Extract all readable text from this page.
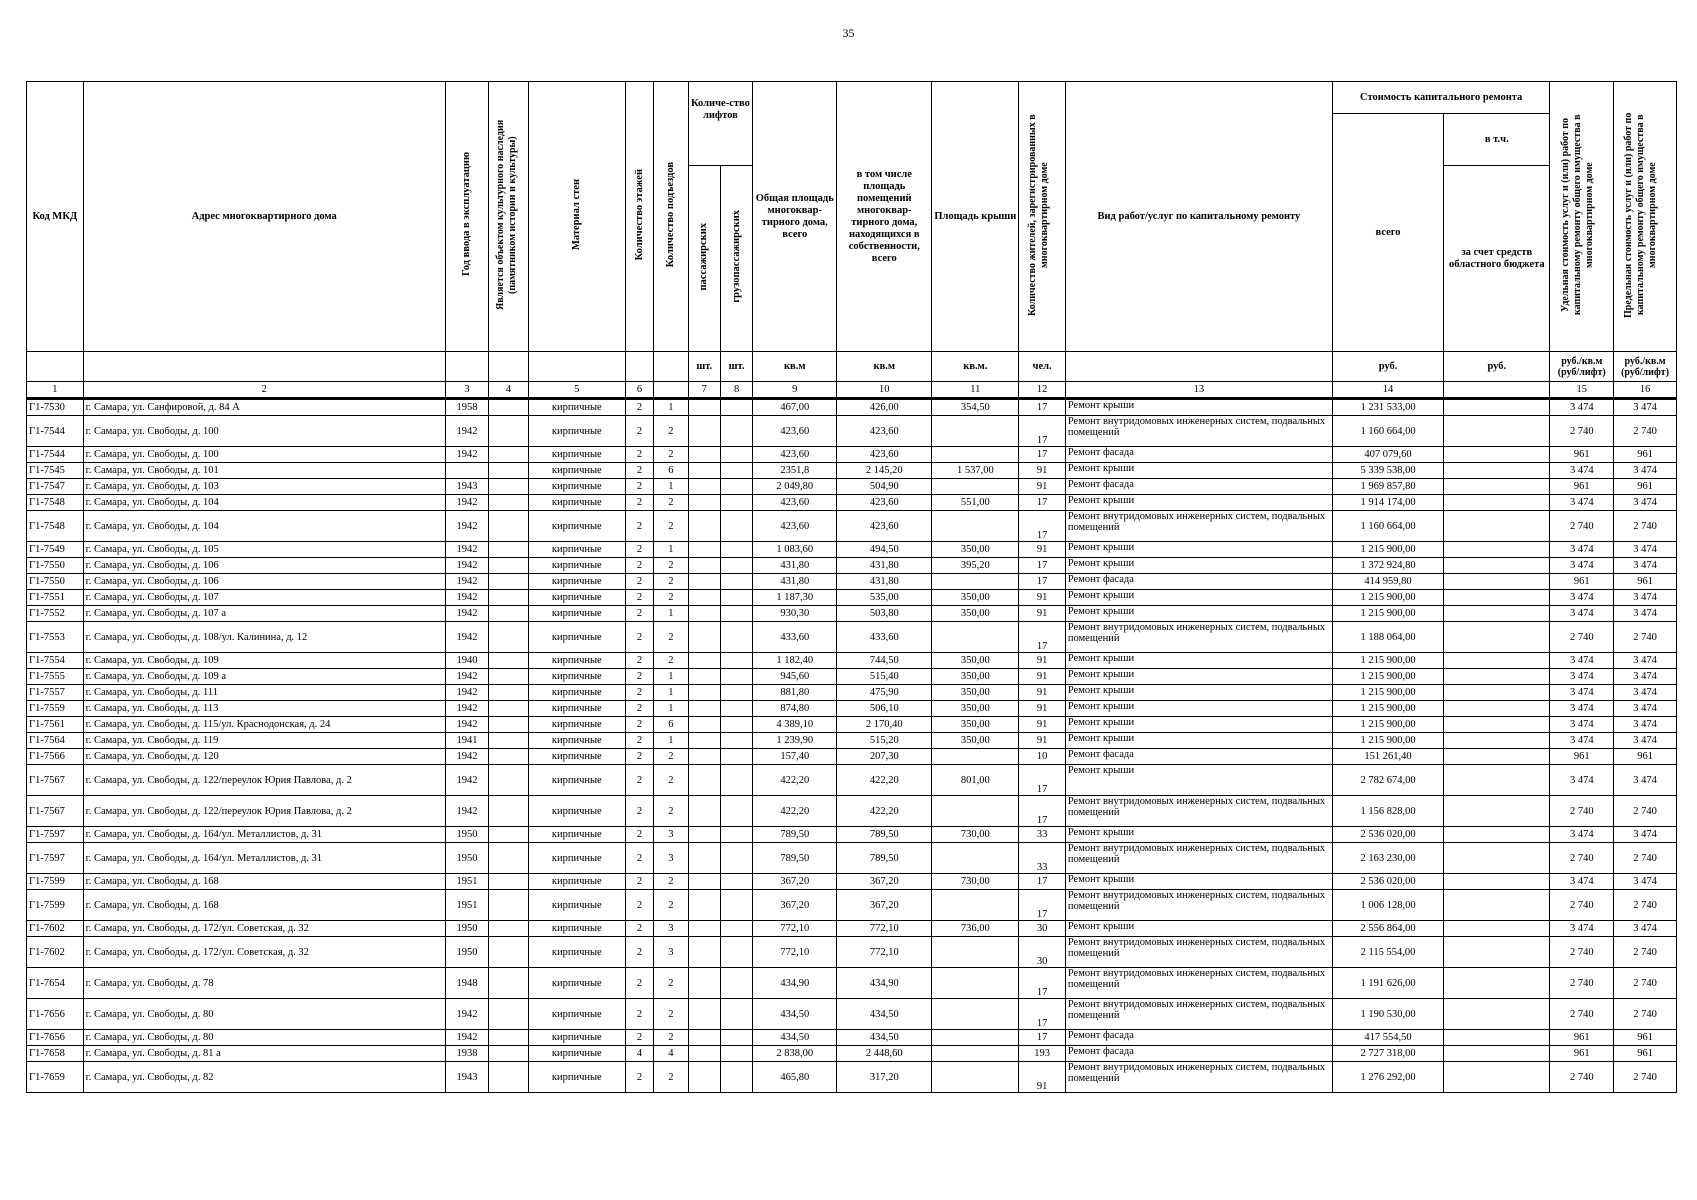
35
Код МКД	Адрес многоквартирного дома	Год ввода в эксплуатацию	Является объектом культурного наследия (памятником истории и культуры)	Материал стен	Количество этажей	Количество подъездов	Количе-ство лифтов		Общая площадь многоквар-тирного дома, всего	в том числе площадь помещений многоквар-тирного дома, находящихся в собственности, всего	Площадь крыши	Количество жителей, зарегистрированных в многоквартирном доме	Вид работ/услуг по капитальному ремонту	Стоимость капитального ремонта		Удельная стоимость услуг и (или) работ по капитальному ремонту общего имущества в многоквартирном доме	Предельная стоимость услуг и (или) работ по капитальному ремонту общего имущества в многоквартирном доме
														всего	в т.ч.		
							пассажирских	грузопассажирских							за счет средств областного бюджета		
							шт.	шт.	кв.м	кв.м	кв.м.	чел.		руб.	руб.	руб./кв.м (руб/лифт)	руб./кв.м (руб/лифт)
1	2	3	4	5	6		7	8	9	10	11	12	13	14		15	16
Г1-7530	г. Самара, ул. Санфировой, д. 84 А	1958		кирпичные	2	1			467,00	426,00	354,50	17	Ремонт крыши	1 231 533,00		3 474	3 474
Г1-7544	г. Самара, ул. Свободы, д. 100	1942		кирпичные	2	2			423,60	423,60		17	Ремонт внутридомовых инженерных систем, подвальных помещений	1 160 664,00		2 740	2 740
Г1-7544	г. Самара, ул. Свободы, д. 100	1942		кирпичные	2	2			423,60	423,60		17	Ремонт фасада	407 079,60		961	961
Г1-7545	г. Самара, ул. Свободы, д. 101			кирпичные	2	6			2351,8	2 145,20	1 537,00	91	Ремонт крыши	5 339 538,00		3 474	3 474
Г1-7547	г. Самара, ул. Свободы, д. 103	1943		кирпичные	2	1			2 049,80	504,90		91	Ремонт фасада	1 969 857,80		961	961
Г1-7548	г. Самара, ул. Свободы, д. 104	1942		кирпичные	2	2			423,60	423,60	551,00	17	Ремонт крыши	1 914 174,00		3 474	3 474
Г1-7548	г. Самара, ул. Свободы, д. 104	1942		кирпичные	2	2			423,60	423,60		17	Ремонт внутридомовых инженерных систем, подвальных помещений	1 160 664,00		2 740	2 740
Г1-7549	г. Самара, ул. Свободы, д. 105	1942		кирпичные	2	1			1 083,60	494,50	350,00	91	Ремонт крыши	1 215 900,00		3 474	3 474
Г1-7550	г. Самара, ул. Свободы, д. 106	1942		кирпичные	2	2			431,80	431,80	395,20	17	Ремонт крыши	1 372 924,80		3 474	3 474
Г1-7550	г. Самара, ул. Свободы, д. 106	1942		кирпичные	2	2			431,80	431,80		17	Ремонт фасада	414 959,80		961	961
Г1-7551	г. Самара, ул. Свободы, д. 107	1942		кирпичные	2	2			1 187,30	535,00	350,00	91	Ремонт крыши	1 215 900,00		3 474	3 474
Г1-7552	г. Самара, ул. Свободы, д. 107 а	1942		кирпичные	2	1			930,30	503,80	350,00	91	Ремонт крыши	1 215 900,00		3 474	3 474
Г1-7553	г. Самара, ул. Свободы, д. 108/ул. Калинина, д. 12	1942		кирпичные	2	2			433,60	433,60		17	Ремонт внутридомовых инженерных систем, подвальных помещений	1 188 064,00		2 740	2 740
Г1-7554	г. Самара, ул. Свободы, д. 109	1940		кирпичные	2	2			1 182,40	744,50	350,00	91	Ремонт крыши	1 215 900,00		3 474	3 474
Г1-7555	г. Самара, ул. Свободы, д. 109 а	1942		кирпичные	2	1			945,60	515,40	350,00	91	Ремонт крыши	1 215 900,00		3 474	3 474
Г1-7557	г. Самара, ул. Свободы, д. 111	1942		кирпичные	2	1			881,80	475,90	350,00	91	Ремонт крыши	1 215 900,00		3 474	3 474
Г1-7559	г. Самара, ул. Свободы, д. 113	1942		кирпичные	2	1			874,80	506,10	350,00	91	Ремонт крыши	1 215 900,00		3 474	3 474
Г1-7561	г. Самара, ул. Свободы, д. 115/ул. Краснодонская, д. 24	1942		кирпичные	2	6			4 389,10	2 170,40	350,00	91	Ремонт крыши	1 215 900,00		3 474	3 474
Г1-7564	г. Самара, ул. Свободы, д. 119	1941		кирпичные	2	1			1 239,90	515,20	350,00	91	Ремонт крыши	1 215 900,00		3 474	3 474
Г1-7566	г. Самара, ул. Свободы, д. 120	1942		кирпичные	2	2			157,40	207,30		10	Ремонт фасада	151 261,40		961	961
Г1-7567	г. Самара, ул. Свободы, д. 122/переулок Юрия Павлова, д. 2	1942		кирпичные	2	2			422,20	422,20	801,00	17	Ремонт крыши	2 782 674,00		3 474	3 474
Г1-7567	г. Самара, ул. Свободы, д. 122/переулок Юрия Павлова, д. 2	1942		кирпичные	2	2			422,20	422,20		17	Ремонт внутридомовых инженерных систем, подвальных помещений	1 156 828,00		2 740	2 740
Г1-7597	г. Самара, ул. Свободы, д. 164/ул. Металлистов, д. 31	1950		кирпичные	2	3			789,50	789,50	730,00	33	Ремонт крыши	2 536 020,00		3 474	3 474
Г1-7597	г. Самара, ул. Свободы, д. 164/ул. Металлистов, д. 31	1950		кирпичные	2	3			789,50	789,50		33	Ремонт внутридомовых инженерных систем, подвальных помещений	2 163 230,00		2 740	2 740
Г1-7599	г. Самара, ул. Свободы, д. 168	1951		кирпичные	2	2			367,20	367,20	730,00	17	Ремонт крыши	2 536 020,00		3 474	3 474
Г1-7599	г. Самара, ул. Свободы, д. 168	1951		кирпичные	2	2			367,20	367,20		17	Ремонт внутридомовых инженерных систем, подвальных помещений	1 006 128,00		2 740	2 740
Г1-7602	г. Самара, ул. Свободы, д. 172/ул. Советская, д. 32	1950		кирпичные	2	3			772,10	772,10	736,00	30	Ремонт крыши	2 556 864,00		3 474	3 474
Г1-7602	г. Самара, ул. Свободы, д. 172/ул. Советская, д. 32	1950		кирпичные	2	3			772,10	772,10		30	Ремонт внутридомовых инженерных систем, подвальных помещений	2 115 554,00		2 740	2 740
Г1-7654	г. Самара, ул. Свободы, д. 78	1948		кирпичные	2	2			434,90	434,90		17	Ремонт внутридомовых инженерных систем, подвальных помещений	1 191 626,00		2 740	2 740
Г1-7656	г. Самара, ул. Свободы, д. 80	1942		кирпичные	2	2			434,50	434,50		17	Ремонт внутридомовых инженерных систем, подвальных помещений	1 190 530,00		2 740	2 740
Г1-7656	г. Самара, ул. Свободы, д. 80	1942		кирпичные	2	2			434,50	434,50		17	Ремонт фасада	417 554,50		961	961
Г1-7658	г. Самара, ул. Свободы, д. 81 а	1938		кирпичные	4	4			2 838,00	2 448,60		193	Ремонт фасада	2 727 318,00		961	961
Г1-7659	г. Самара, ул. Свободы, д. 82	1943		кирпичные	2	2			465,80	317,20		91	Ремонт внутридомовых инженерных систем, подвальных помещений	1 276 292,00		2 740	2 740
